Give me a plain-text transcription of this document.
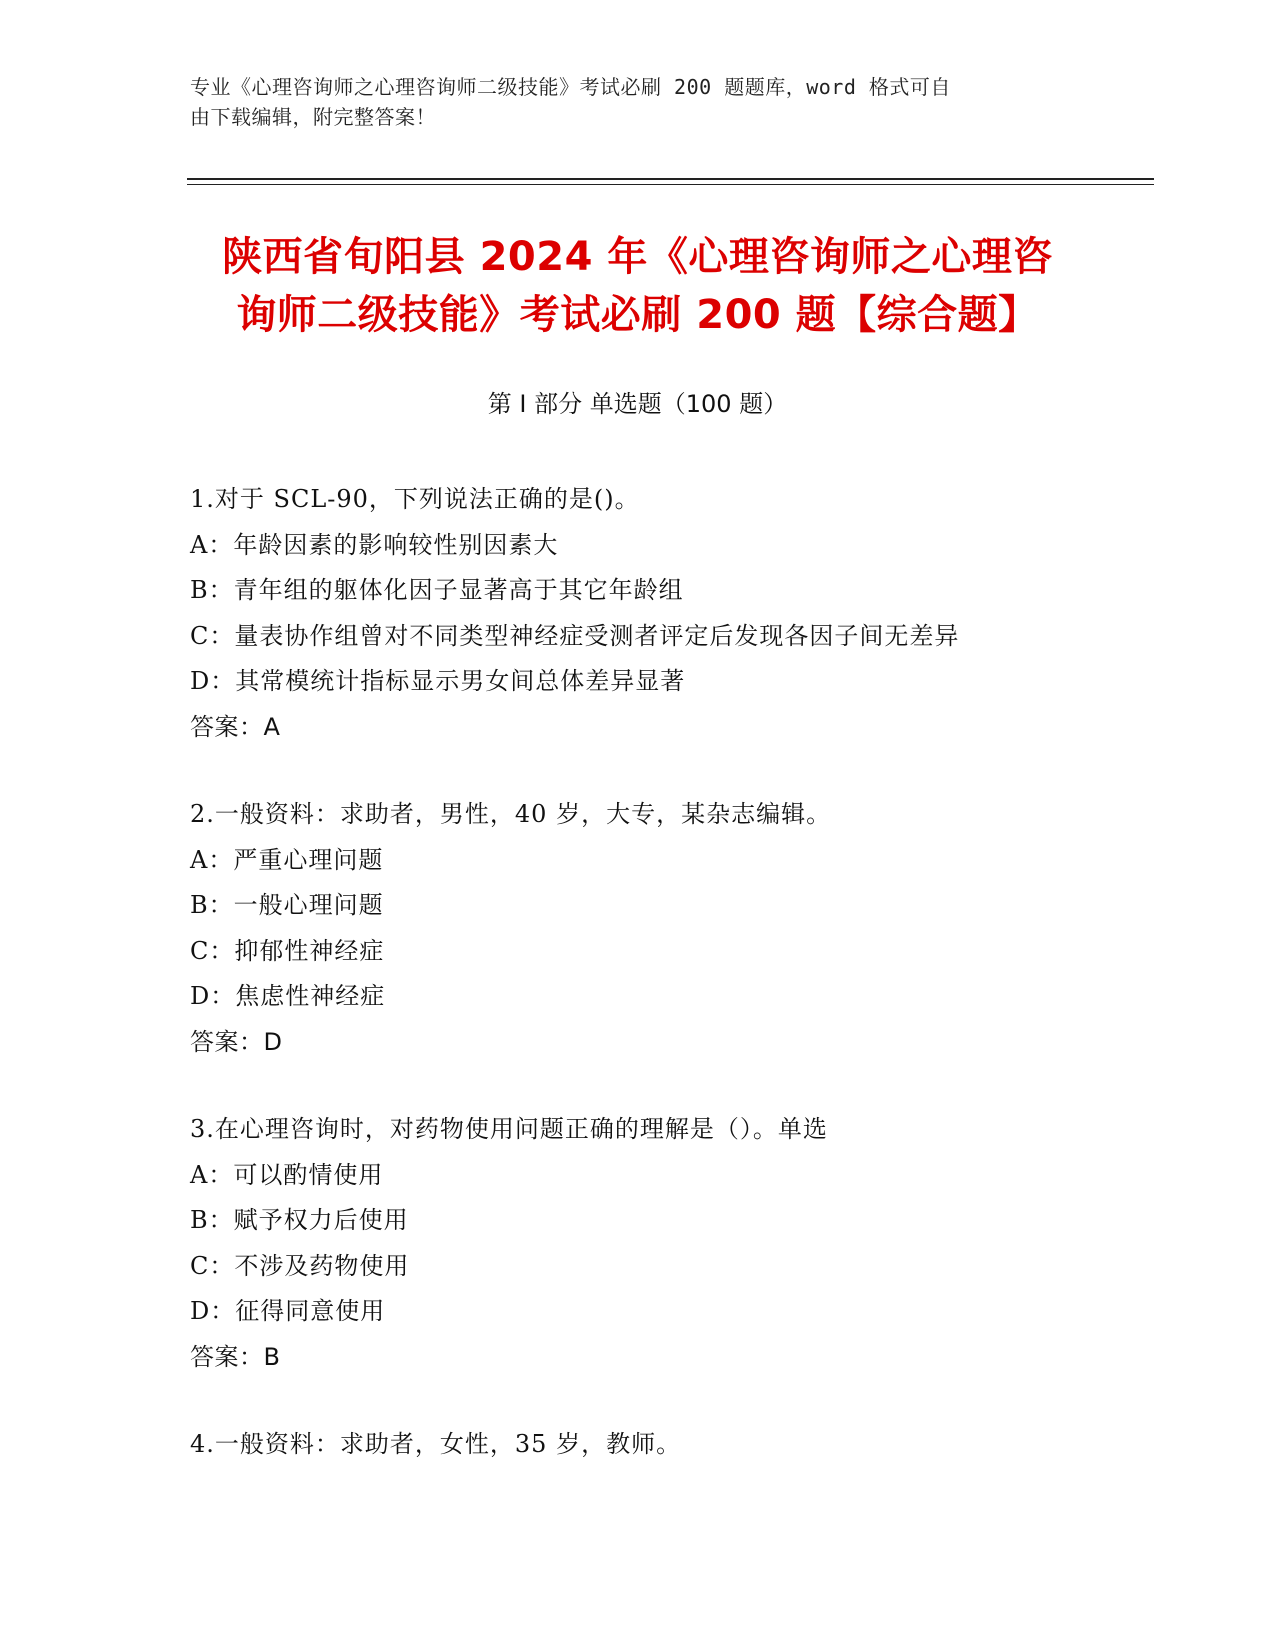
专业《心理咨询师之心理咨询师二级技能》考试必刷 200 题题库，word 格式可自
由下载编辑，附完整答案！
陕西省旬阳县 2024 年《心理咨询师之心理咨
询师二级技能》考试必刷 200 题【综合题】
第 I 部分 单选题（100 题）
1.对于 SCL-90，下列说法正确的是()。
A：年龄因素的影响较性别因素大
B：青年组的躯体化因子显著高于其它年龄组
C：量表协作组曾对不同类型神经症受测者评定后发现各因子间无差异
D：其常模统计指标显示男女间总体差异显著
答案：A
2.一般资料：求助者，男性，40 岁，大专，某杂志编辑。
A：严重心理问题
B：一般心理问题
C：抑郁性神经症
D：焦虑性神经症
答案：D
3.在心理咨询时，对药物使用问题正确的理解是（）。单选
A：可以酌情使用
B：赋予权力后使用
C：不涉及药物使用
D：征得同意使用
答案：B
4.一般资料：求助者，女性，35 岁，教师。
